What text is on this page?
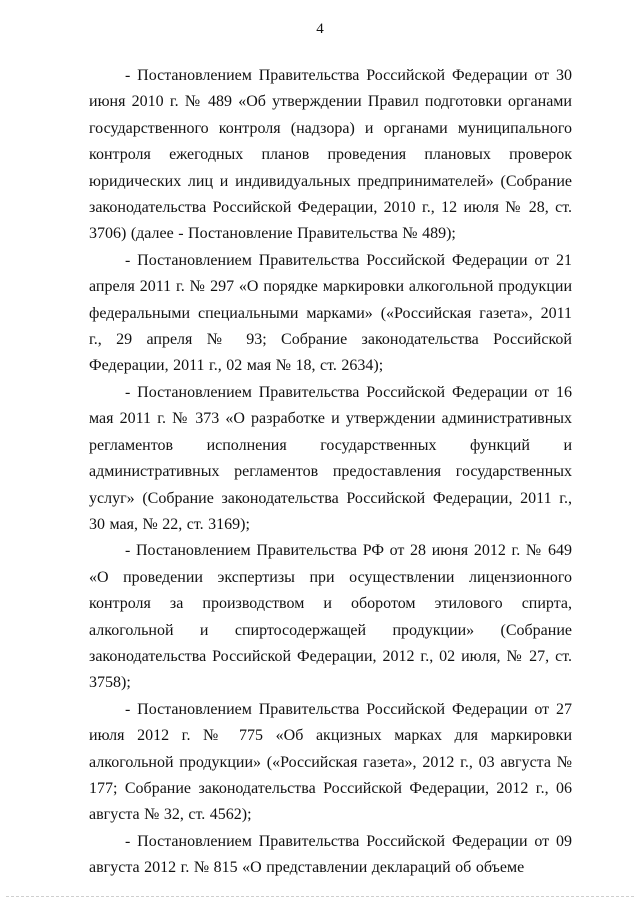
4

- Постановлением Правительства Российской Федерации от 30 июня 2010 г. № 489 «Об утверждении Правил подготовки органами государственного контроля (надзора) и органами муниципального контроля ежегодных планов проведения плановых проверок юридических лиц и индивидуальных предпринимателей» (Собрание законодательства Российской Федерации, 2010 г., 12 июля № 28, ст. 3706) (далее - Постановление Правительства № 489);

- Постановлением Правительства Российской Федерации от 21 апреля 2011 г. № 297 «О порядке маркировки алкогольной продукции федеральными специальными марками» («Российская газета», 2011 г., 29 апреля № 93; Собрание законодательства Российской Федерации, 2011 г., 02 мая № 18, ст. 2634);

- Постановлением Правительства Российской Федерации от 16 мая 2011 г. № 373 «О разработке и утверждении административных регламентов исполнения государственных функций и административных регламентов предоставления государственных услуг» (Собрание законодательства Российской Федерации, 2011 г., 30 мая, № 22, ст. 3169);

- Постановлением Правительства РФ от 28 июня 2012 г. № 649 «О проведении экспертизы при осуществлении лицензионного контроля за производством и оборотом этилового спирта, алкогольной и спиртосодержащей продукции» (Собрание законодательства Российской Федерации, 2012 г., 02 июля, № 27, ст. 3758);

- Постановлением Правительства Российской Федерации от 27 июля 2012 г. № 775 «Об акцизных марках для маркировки алкогольной продукции» («Российская газета», 2012 г., 03 августа № 177; Собрание законодательства Российской Федерации, 2012 г., 06 августа № 32, ст. 4562);

- Постановлением Правительства Российской Федерации от 09 августа 2012 г. № 815 «О представлении деклараций об объеме
